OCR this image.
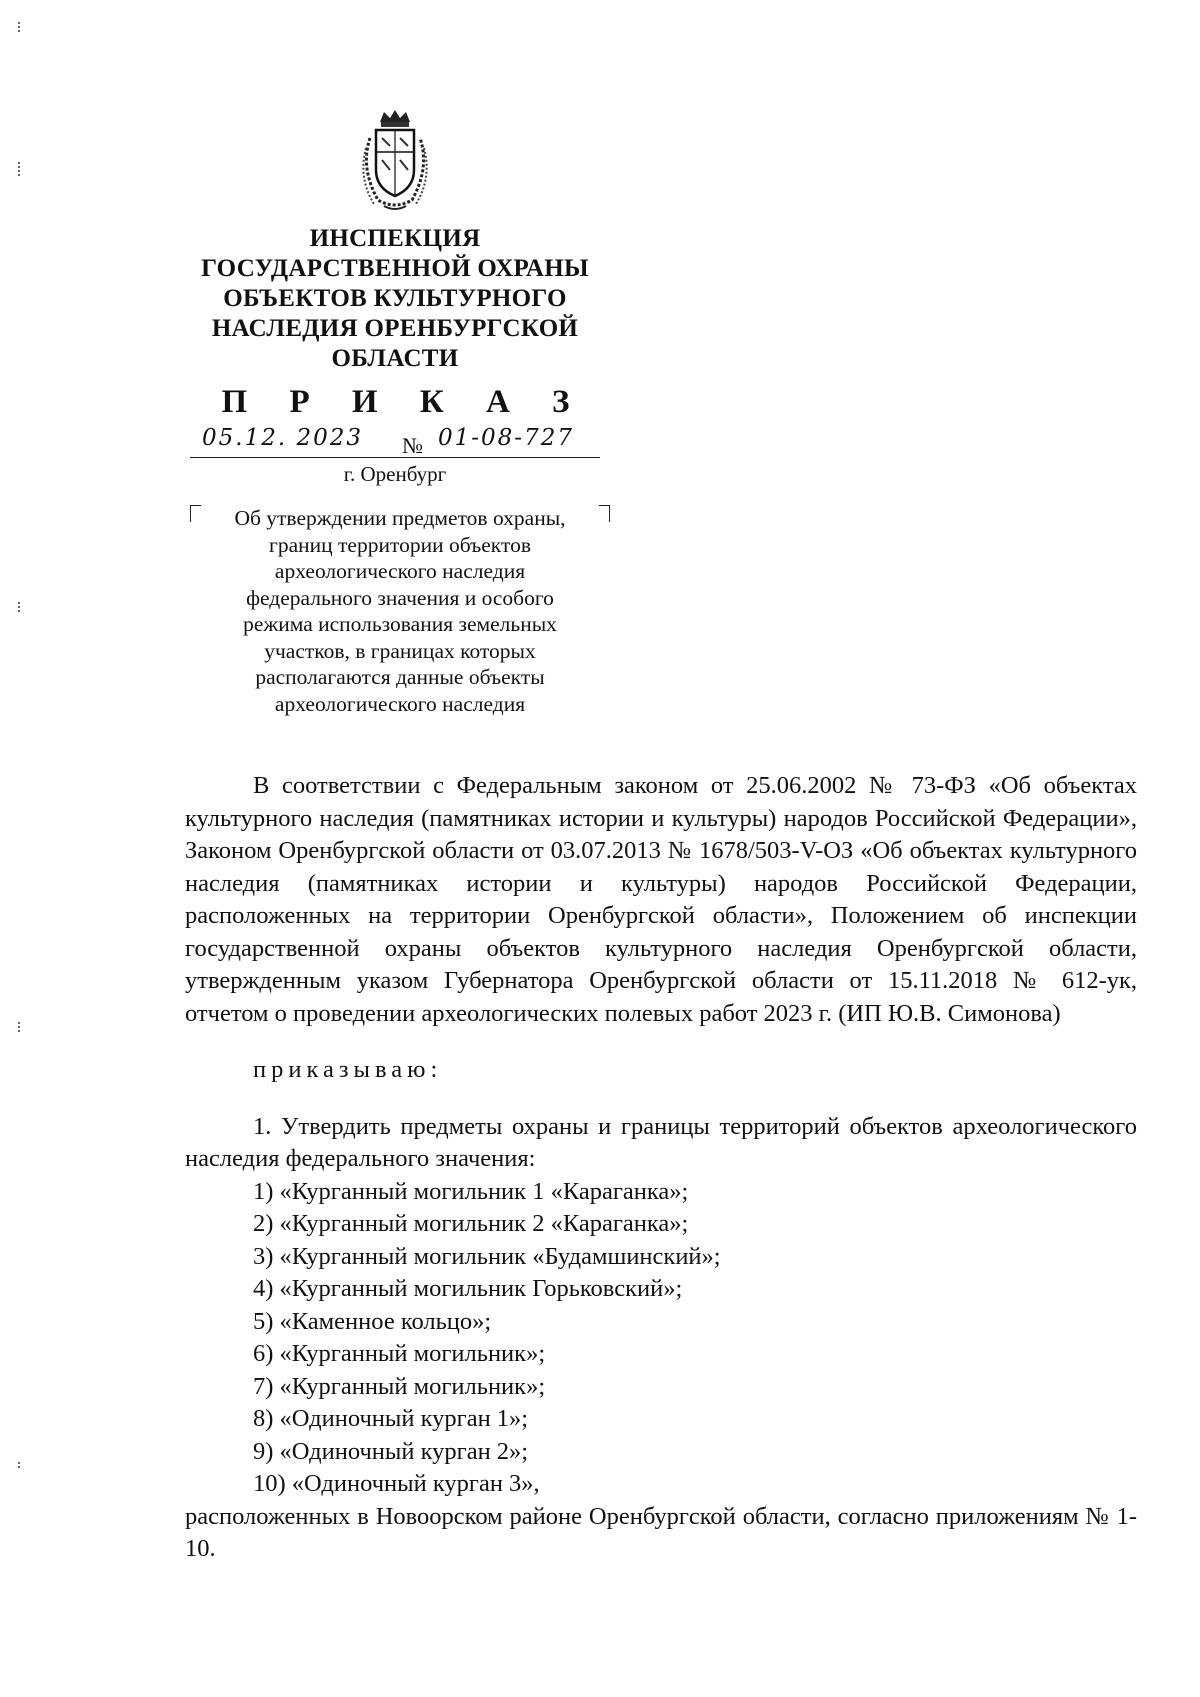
ИНСПЕКЦИЯ
ГОСУДАРСТВЕННОЙ ОХРАНЫ
ОБЪЕКТОВ КУЛЬТУРНОГО
НАСЛЕДИЯ ОРЕНБУРГСКОЙ
ОБЛАСТИ
П Р И К А З
05.12. 2023 № 01-08-727
г. Оренбург
Об утверждении предметов охраны,
границ территории объектов
археологического наследия
федерального значения и особого
режима использования земельных
участков, в границах которых
располагаются данные объекты
археологического наследия

В соответствии с Федеральным законом от 25.06.2002 № 73-ФЗ «Об объектах культурного наследия (памятниках истории и культуры) народов Российской Федерации», Законом Оренбургской области от 03.07.2013 № 1678/503-V-ОЗ «Об объектах культурного наследия (памятниках истории и культуры) народов Российской Федерации, расположенных на территории Оренбургской области», Положением об инспекции государственной охраны объектов культурного наследия Оренбургской области, утвержденным указом Губернатора Оренбургской области от 15.11.2018 № 612-ук, отчетом о проведении археологических полевых работ 2023 г. (ИП Ю.В. Симонова)

приказываю:

1. Утвердить предметы охраны и границы территорий объектов археологического наследия федерального значения:

1) «Курганный могильник 1 «Караганка»;
2) «Курганный могильник 2 «Караганка»;
3) «Курганный могильник «Будамшинский»;
4) «Курганный могильник Горьковский»;
5) «Каменное кольцо»;
6) «Курганный могильник»;
7) «Курганный могильник»;
8) «Одиночный курган 1»;
9) «Одиночный курган 2»;
10) «Одиночный курган 3»,

расположенных в Новоорском районе Оренбургской области, согласно приложениям № 1-10.
